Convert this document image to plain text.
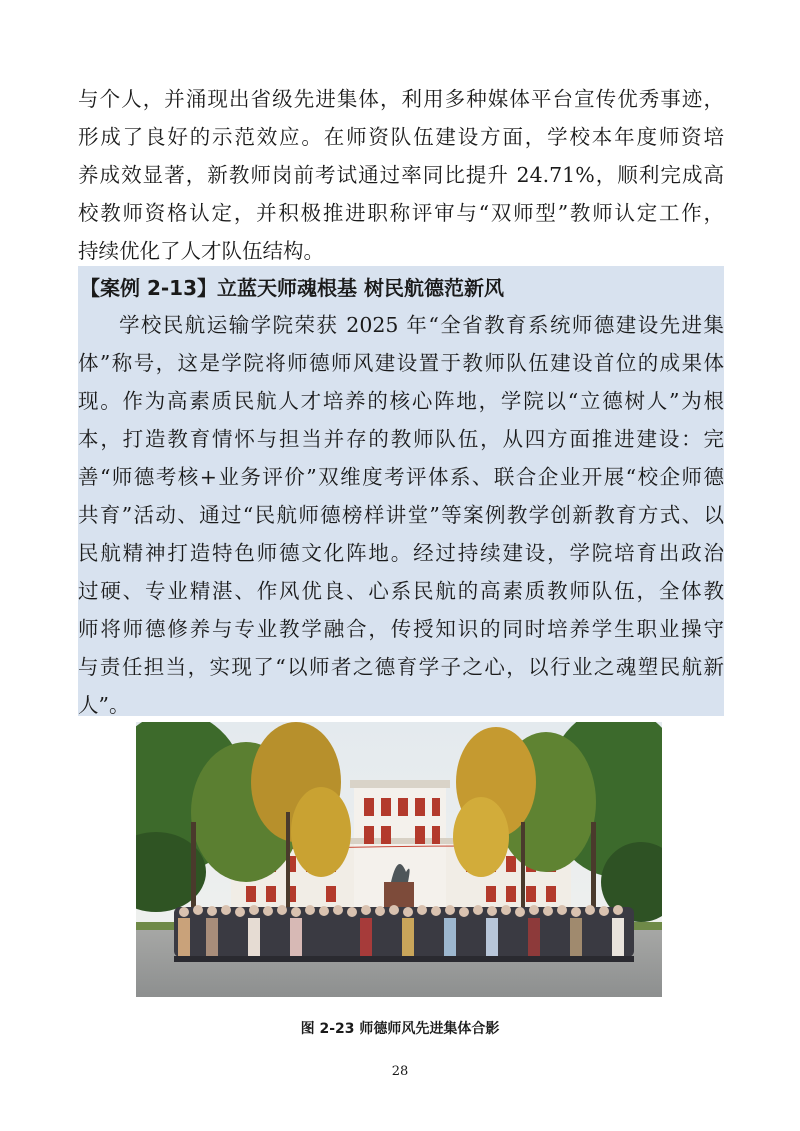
与个人，并涌现出省级先进集体，利用多种媒体平台宣传优秀事迹，
形成了良好的示范效应。在师资队伍建设方面，学校本年度师资培
养成效显著，新教师岗前考试通过率同比提升 24.71%，顺利完成高
校教师资格认定，并积极推进职称评审与“双师型”教师认定工作，
持续优化了人才队伍结构。
【案例 2-13】立蓝天师魂根基 树民航德范新风
学校民航运输学院荣获 2025 年“全省教育系统师德建设先进集
体”称号，这是学院将师德师风建设置于教师队伍建设首位的成果体
现。作为高素质民航人才培养的核心阵地，学院以“立德树人”为根
本，打造教育情怀与担当并存的教师队伍，从四方面推进建设：完
善“师德考核+业务评价”双维度考评体系、联合企业开展“校企师德
共育”活动、通过“民航师德榜样讲堂”等案例教学创新教育方式、以
民航精神打造特色师德文化阵地。经过持续建设，学院培育出政治
过硬、专业精湛、作风优良、心系民航的高素质教师队伍，全体教
师将师德修养与专业教学融合，传授知识的同时培养学生职业操守
与责任担当，实现了“以师者之德育学子之心，以行业之魂塑民航新
人”。
图 2-23 师德师风先进集体合影
28
